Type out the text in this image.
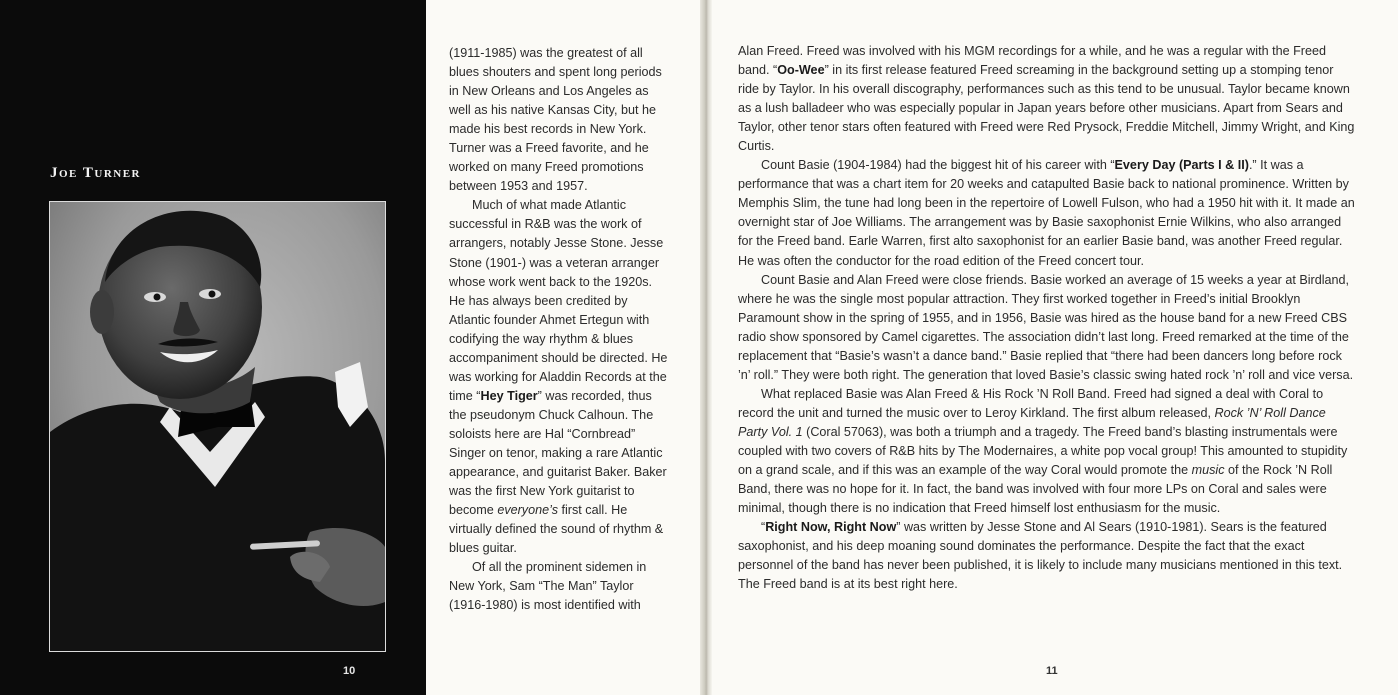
Joe Turner
10

(1911-1985) was the greatest of all blues shouters and spent long periods in New Orleans and Los Angeles as well as his native Kansas City, but he made his best records in New York. Turner was a Freed favorite, and he worked on many Freed promotions between 1953 and 1957.

Much of what made Atlantic successful in R&B was the work of arrangers, notably Jesse Stone. Jesse Stone (1901-) was a veteran arranger whose work went back to the 1920s. He has always been credited by Atlantic founder Ahmet Ertegun with codifying the way rhythm & blues accompaniment should be directed. He was working for Aladdin Records at the time “Hey Tiger” was recorded, thus the pseudonym Chuck Calhoun. The soloists here are Hal “Cornbread” Singer on tenor, making a rare Atlantic appearance, and guitarist Baker. Baker was the first New York guitarist to become everyone’s first call. He virtually defined the sound of rhythm & blues guitar.

Of all the prominent sidemen in New York, Sam “The Man” Taylor (1916-1980) is most identified with

Alan Freed. Freed was involved with his MGM recordings for a while, and he was a regular with the Freed band. “Oo-Wee” in its first release featured Freed screaming in the background setting up a stomping tenor ride by Taylor. In his overall discography, performances such as this tend to be unusual. Taylor became known as a lush balladeer who was especially popular in Japan years before other musicians. Apart from Sears and Taylor, other tenor stars often featured with Freed were Red Prysock, Freddie Mitchell, Jimmy Wright, and King Curtis.

Count Basie (1904-1984) had the biggest hit of his career with “Every Day (Parts I & II).” It was a performance that was a chart item for 20 weeks and catapulted Basie back to national prominence. Written by Memphis Slim, the tune had long been in the repertoire of Lowell Fulson, who had a 1950 hit with it. It made an overnight star of Joe Williams. The arrangement was by Basie saxophonist Ernie Wilkins, who also arranged for the Freed band. Earle Warren, first alto saxophonist for an earlier Basie band, was another Freed regular. He was often the conductor for the road edition of the Freed concert tour.

Count Basie and Alan Freed were close friends. Basie worked an average of 15 weeks a year at Birdland, where he was the single most popular attraction. They first worked together in Freed’s initial Brooklyn Paramount show in the spring of 1955, and in 1956, Basie was hired as the house band for a new Freed CBS radio show sponsored by Camel cigarettes. The association didn’t last long. Freed remarked at the time of the replacement that “Basie’s wasn’t a dance band.” Basie replied that “there had been dancers long before rock ’n’ roll.” They were both right. The generation that loved Basie’s classic swing hated rock ’n’ roll and vice versa.

What replaced Basie was Alan Freed & His Rock ’N Roll Band. Freed had signed a deal with Coral to record the unit and turned the music over to Leroy Kirkland. The first album released, Rock ’N’ Roll Dance Party Vol. 1 (Coral 57063), was both a triumph and a tragedy. The Freed band’s blasting instrumentals were coupled with two covers of R&B hits by The Modernaires, a white pop vocal group! This amounted to stupidity on a grand scale, and if this was an example of the way Coral would promote the music of the Rock ’N Roll Band, there was no hope for it. In fact, the band was involved with four more LPs on Coral and sales were minimal, though there is no indication that Freed himself lost enthusiasm for the music.

“Right Now, Right Now” was written by Jesse Stone and Al Sears (1910-1981). Sears is the featured saxophonist, and his deep moaning sound dominates the performance. Despite the fact that the exact personnel of the band has never been published, it is likely to include many musicians mentioned in this text. The Freed band is at its best right here.

11
